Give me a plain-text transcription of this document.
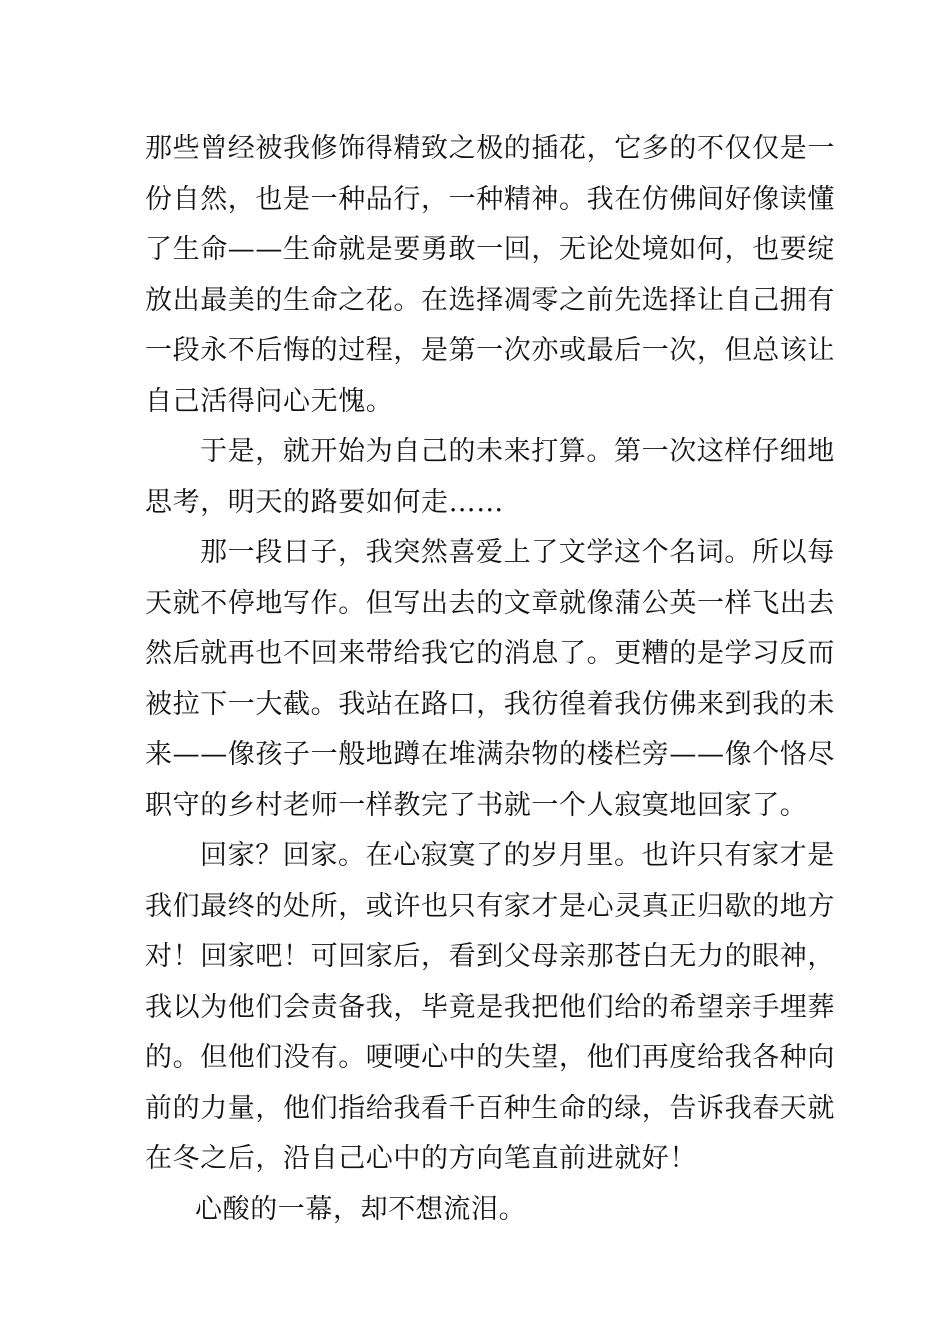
那些曾经被我修饰得精致之极的插花，它多的不仅仅是一
份自然，也是一种品行，一种精神。我在仿佛间好像读懂
了生命——生命就是要勇敢一回，无论处境如何，也要绽
放出最美的生命之花。在选择凋零之前先选择让自己拥有
一段永不后悔的过程，是第一次亦或最后一次，但总该让
自己活得问心无愧。
于是，就开始为自己的未来打算。第一次这样仔细地
思考，明天的路要如何走……
那一段日子，我突然喜爱上了文学这个名词。所以每
天就不停地写作。但写出去的文章就像蒲公英一样飞出去
然后就再也不回来带给我它的消息了。更糟的是学习反而
被拉下一大截。我站在路口，我彷徨着我仿佛来到我的未
来——像孩子一般地蹲在堆满杂物的楼栏旁——像个恪尽
职守的乡村老师一样教完了书就一个人寂寞地回家了。
回家？回家。在心寂寞了的岁月里。也许只有家才是
我们最终的处所，或许也只有家才是心灵真正归歇的地方
对！回家吧！可回家后，看到父母亲那苍白无力的眼神，
我以为他们会责备我，毕竟是我把他们给的希望亲手埋葬
的。但他们没有。哽哽心中的失望，他们再度给我各种向
前的力量，他们指给我看千百种生命的绿，告诉我春天就
在冬之后，沿自己心中的方向笔直前进就好！
心酸的一幕，却不想流泪。
